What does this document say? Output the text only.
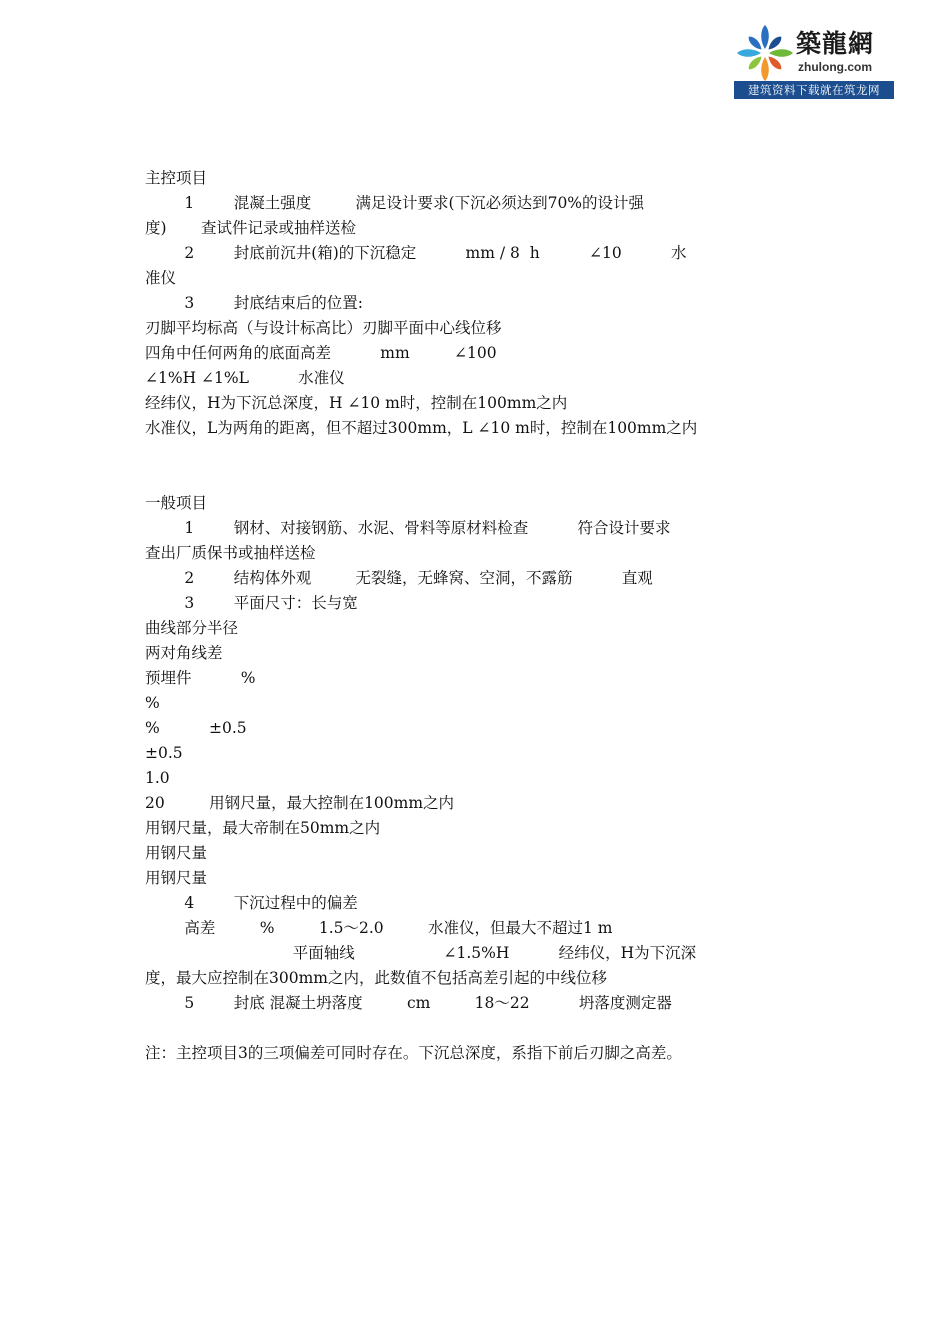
築龍網
zhulong.com
建筑资料下载就在筑龙网
主控项目
1        混凝土强度         满足设计要求(下沉必须达到70%的设计强
度)       查试件记录或抽样送检
2        封底前沉井(箱)的下沉稳定          mm / 8  h          ∠10          水
准仪
3        封底结束后的位置:
刃脚平均标高（与设计标高比）刃脚平面中心线位移
四角中任何两角的底面高差          mm         ∠100
∠1%H ∠1%L          水准仪
经纬仪，H为下沉总深度，H ∠10 m时，控制在100mm之内
水准仪，L为两角的距离，但不超过300mm，L ∠10 m时，控制在100mm之内
一般项目
1        钢材、对接钢筋、水泥、骨料等原材料检查          符合设计要求
查出厂质保书或抽样送检
2        结构体外观         无裂缝，无蜂窝、空洞，不露筋          直观
3        平面尺寸：长与宽
曲线部分半径
两对角线差
预埋件          %
%
%          ±0.5
±0.5
1.0
20         用钢尺量，最大控制在100mm之内
用钢尺量，最大帝制在50mm之内
用钢尺量
用钢尺量
4        下沉过程中的偏差
高差         %         1.5～2.0         水准仪，但最大不超过1 m
平面轴线                  ∠1.5%H          经纬仪，H为下沉深
度，最大应控制在300mm之内，此数值不包括高差引起的中线位移
5        封底 混凝土坍落度         cm         18～22          坍落度测定器
注：主控项目3的三项偏差可同时存在。下沉总深度，系指下前后刃脚之高差。
